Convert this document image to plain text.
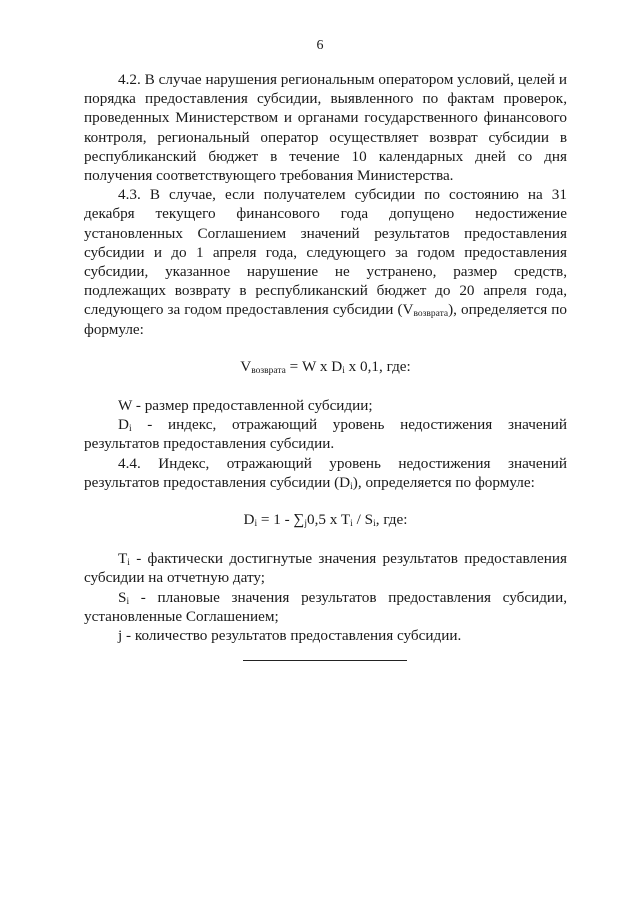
6

4.2. В случае нарушения региональным оператором условий, целей и порядка предоставления субсидии, выявленного по фактам проверок, проведенных Министерством и органами государственного финансового контроля, региональный оператор осуществляет возврат субсидии в республиканский бюджет в течение 10 календарных дней со дня получения соответствующего требования Министерства.

4.3. В случае, если получателем субсидии по состоянию на 31 декабря текущего финансового года допущено недостижение установленных Соглашением значений результатов предоставления субсидии и до 1 апреля года, следующего за годом предоставления субсидии, указанное нарушение не устранено, размер средств, подлежащих возврату в республиканский бюджет до 20 апреля года, следующего за годом предоставления субсидии $(V_{возврата})$, определяется по формуле:

$V_{возврата} = W$ x $D_i$ x 0,1, где:

W - размер предоставленной субсидии;

$D_i$ - индекс, отражающий уровень недостижения значений результатов предоставления субсидии.

4.4. Индекс, отражающий уровень недостижения значений результатов предоставления субсидии $(D_i)$, определяется по формуле:

$D_i = 1 - \sum_j0,5$ x $T_i / S_i$, где:

$T_i$ - фактически достигнутые значения результатов предоставления субсидии на отчетную дату;

$S_i$ - плановые значения результатов предоставления субсидии, установленные Соглашением;

j - количество результатов предоставления субсидии.
